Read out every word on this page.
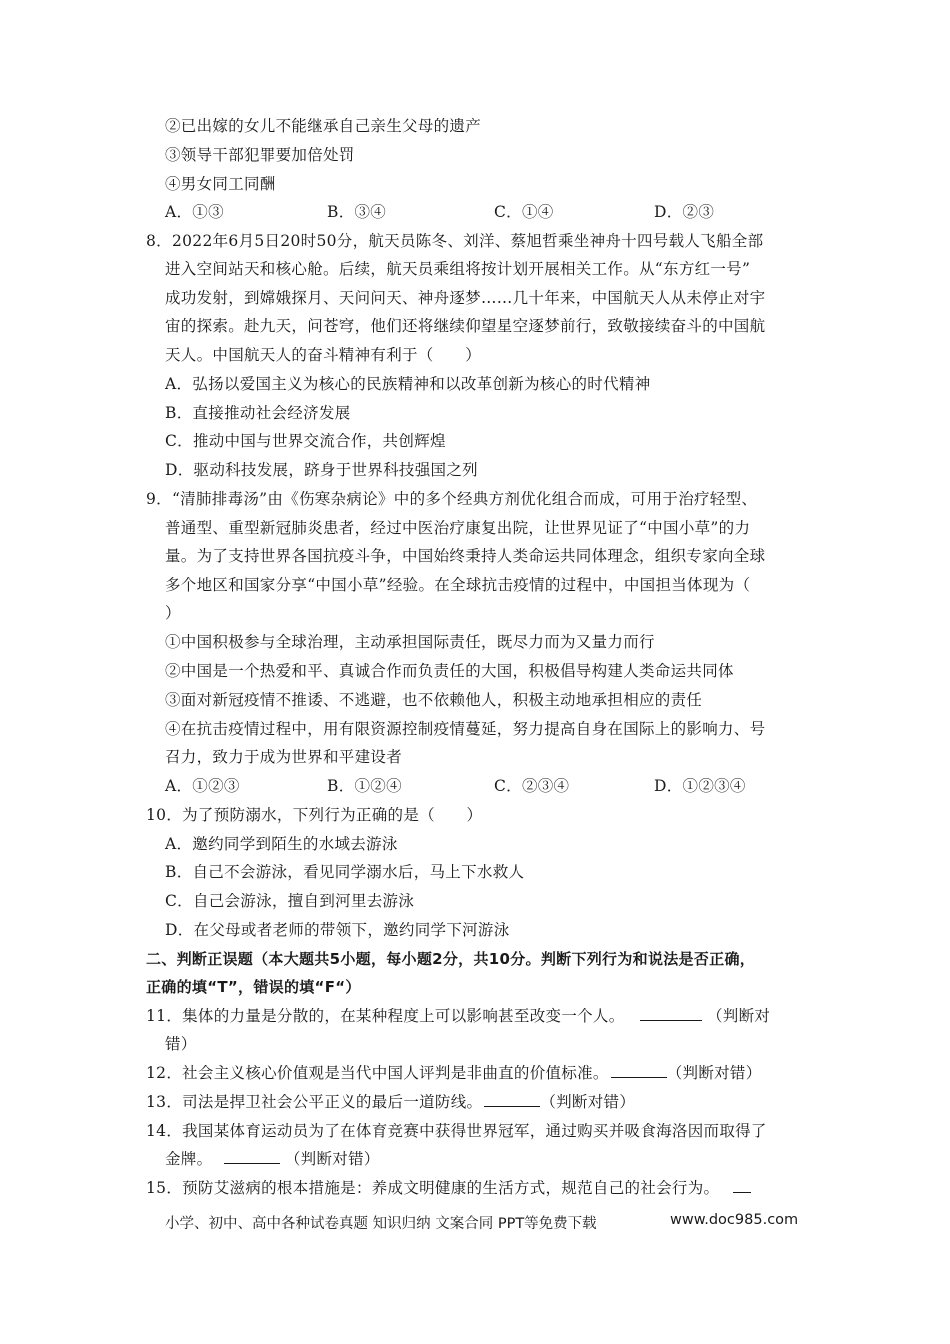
②已出嫁的女儿不能继承自己亲生父母的遗产
③领导干部犯罪要加倍处罚
④男女同工同酬
A．①③	B．③④	C．①④	D．②③
8．2022年6月5日20时50分，航天员陈冬、刘洋、蔡旭哲乘坐神舟十四号载人飞船全部
进入空间站天和核心舱。后续，航天员乘组将按计划开展相关工作。从“东方红一号”
成功发射，到嫦娥探月、天问问天、神舟逐梦……几十年来，中国航天人从未停止对宇
宙的探索。赴九天，问苍穹，他们还将继续仰望星空逐梦前行，致敬接续奋斗的中国航
天人。中国航天人的奋斗精神有利于（　　）
A．弘扬以爱国主义为核心的民族精神和以改革创新为核心的时代精神
B．直接推动社会经济发展
C．推动中国与世界交流合作，共创辉煌
D．驱动科技发展，跻身于世界科技强国之列
9．“清肺排毒汤”由《伤寒杂病论》中的多个经典方剂优化组合而成，可用于治疗轻型、
普通型、重型新冠肺炎患者，经过中医治疗康复出院，让世界见证了“中国小草”的力
量。为了支持世界各国抗疫斗争，中国始终秉持人类命运共同体理念，组织专家向全球
多个地区和国家分享“中国小草”经验。在全球抗击疫情的过程中，中国担当体现为（
）
①中国积极参与全球治理，主动承担国际责任，既尽力而为又量力而行
②中国是一个热爱和平、真诚合作而负责任的大国，积极倡导构建人类命运共同体
③面对新冠疫情不推诿、不逃避，也不依赖他人，积极主动地承担相应的责任
④在抗击疫情过程中，用有限资源控制疫情蔓延，努力提高自身在国际上的影响力、号
召力，致力于成为世界和平建设者
A．①②③	B．①②④	C．②③④	D．①②③④
10．为了预防溺水，下列行为正确的是（　　）
A．邀约同学到陌生的水域去游泳
B．自己不会游泳，看见同学溺水后，马上下水救人
C．自己会游泳，擅自到河里去游泳
D．在父母或者老师的带领下，邀约同学下河游泳
二、判断正误题（本大题共5小题，每小题2分，共10分。判断下列行为和说法是否正确，
正确的填“T”，错误的填“F“）
11．集体的力量是分散的，在某种程度上可以影响甚至改变一个人。	（判断对
错）
12．社会主义核心价值观是当代中国人评判是非曲直的价值标准。	（判断对错）
13．司法是捍卫社会公平正义的最后一道防线。	（判断对错）
14．我国某体育运动员为了在体育竞赛中获得世界冠军，通过购买并吸食海洛因而取得了
金牌。	（判断对错）
15．预防艾滋病的根本措施是：养成文明健康的生活方式，规范自己的社会行为。
小学、初中、高中各种试卷真题 知识归纳 文案合同 PPT等免费下载	www.doc985.com
